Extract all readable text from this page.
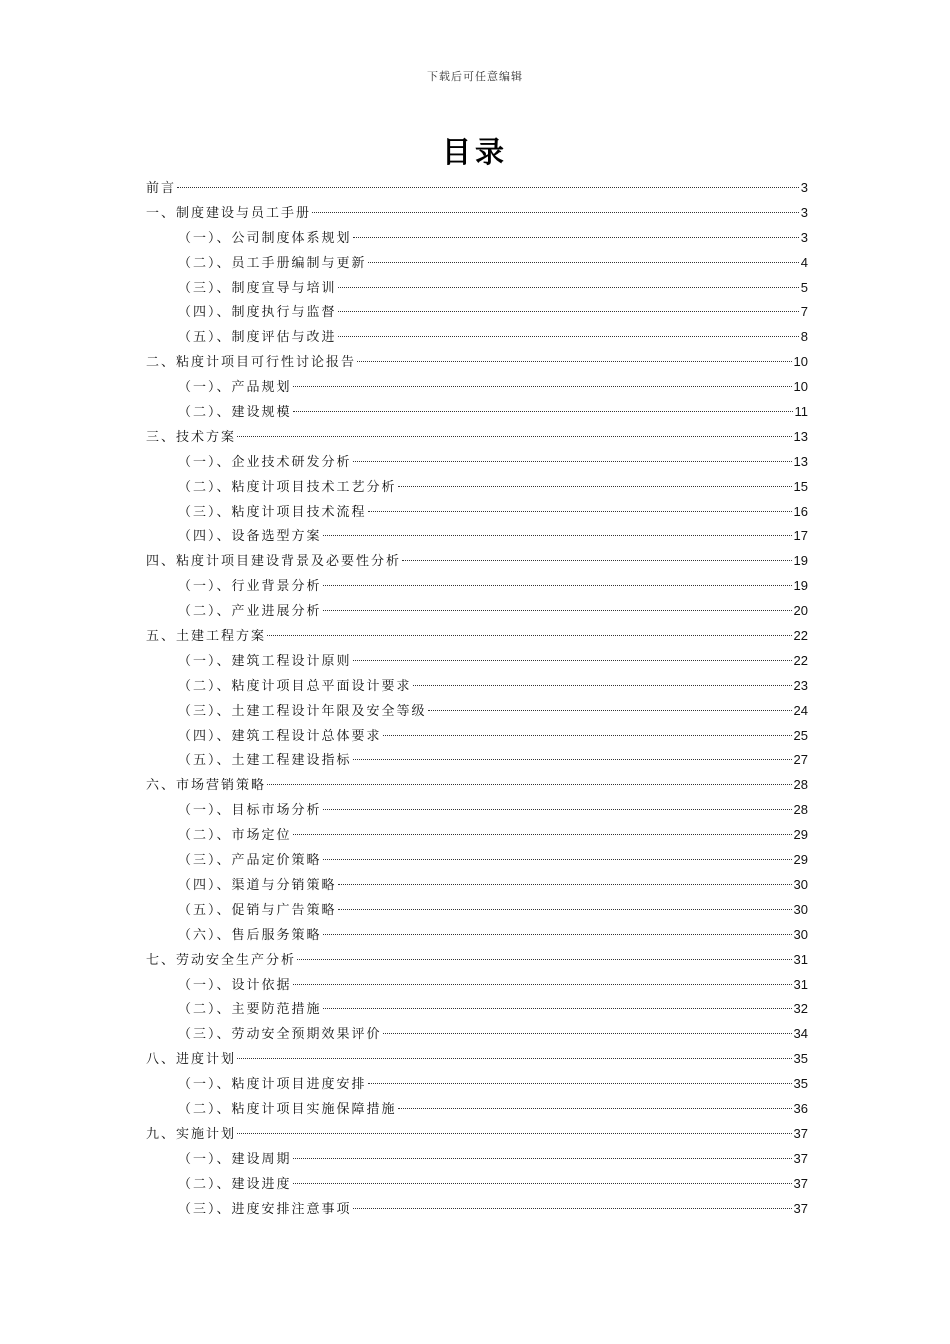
下载后可任意编辑
目录
前言	3
一、制度建设与员工手册	3
（一）、公司制度体系规划	3
（二）、员工手册编制与更新	4
（三）、制度宣导与培训	5
（四）、制度执行与监督	7
（五）、制度评估与改进	8
二、粘度计项目可行性讨论报告	10
（一）、产品规划	10
（二）、建设规模	11
三、技术方案	13
（一）、企业技术研发分析	13
（二）、粘度计项目技术工艺分析	15
（三）、粘度计项目技术流程	16
（四）、设备选型方案	17
四、粘度计项目建设背景及必要性分析	19
（一）、行业背景分析	19
（二）、产业进展分析	20
五、土建工程方案	22
（一）、建筑工程设计原则	22
（二）、粘度计项目总平面设计要求	23
（三）、土建工程设计年限及安全等级	24
（四）、建筑工程设计总体要求	25
（五）、土建工程建设指标	27
六、市场营销策略	28
（一）、目标市场分析	28
（二）、市场定位	29
（三）、产品定价策略	29
（四）、渠道与分销策略	30
（五）、促销与广告策略	30
（六）、售后服务策略	30
七、劳动安全生产分析	31
（一）、设计依据	31
（二）、主要防范措施	32
（三）、劳动安全预期效果评价	34
八、进度计划	35
（一）、粘度计项目进度安排	35
（二）、粘度计项目实施保障措施	36
九、实施计划	37
（一）、建设周期	37
（二）、建设进度	37
（三）、进度安排注意事项	37
